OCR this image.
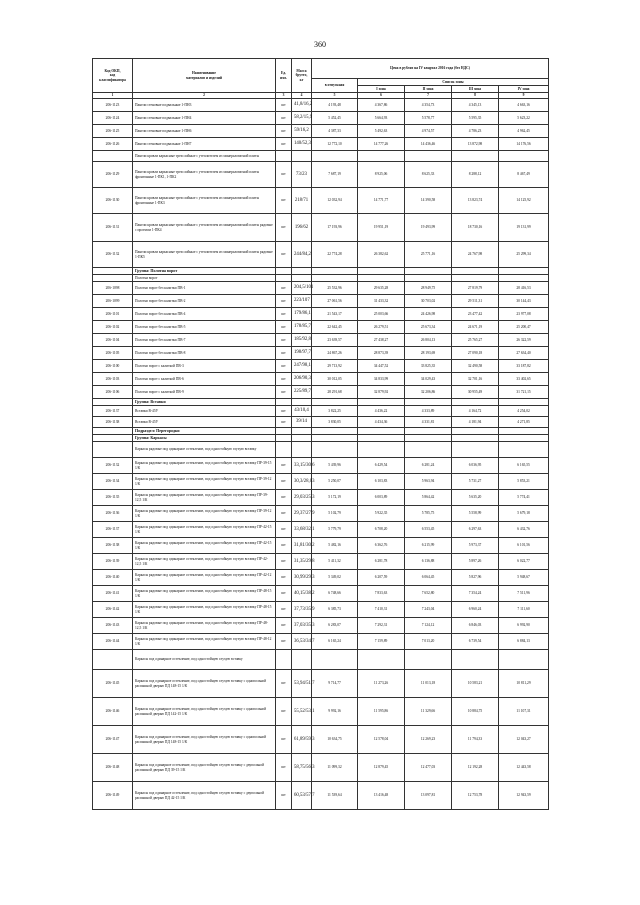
360
Код ОКП,
код
классификатора	Наименование
материалов и изделий	Ед.
изм.	Масса
брутто,
кг	Цена в рублях на IV квартал 2016 года (без НДС)				
				в отпускная	Список зоны			
					I зона	II зона	III зона	IV зона
1	2	3	4	5	6	7	8	9
206-1123	Панели стеновые подвальные 1-ПН3	шт	41,8/16,2	4 193,48	4 367,86	4 354,73	4 345,13	4 663,16
206-1124	Панели стеновые подвальные 1-ПН4	шт	58,2/15,9	5 452,45	5 664,93	5 578,77	5 595,35	5 623,22
206-1125	Панели стеновые подвальные 1-ПН6	шт	59/16,2	4 387,33	5 492,63	4 974,57	4 786,23	4 962,45
206-1126	Панели стеновые подвальные 1-ПН7	шт	140/52,3	12 772,10	14 777,26	14 436,46	13 872,98	14 176,56
	Панели кровли каркасные трехслойные с утеплителем из минераловатной плиты							
206-1129	Панели кровли каркасные трехслойные с утеплителем из минераловатной плиты фронтонные 1-ПК1, 1-ПК2	шт	73/23	7 687,19	8 925,06	8 625,33	8 288,12	8 467,49
206-1130	Панели кровли каркасные трехслойные с утеплителем из минераловатной плиты фронтонные 1-ПК3	шт	218/71	12 032,94	14 771,77	14 390,58	13 823,74	14 125,92
206-1131	Панели кровли каркасные трехслойные с утеплителем из минераловатной плиты рядовые с проемом 1-ПК4	шт	196/62	17 193,96	19 951,19	19 493,99	18 730,16	19 131,99
206-1132	Панели кровли каркасные трехслойные с утеплителем из минераловатной плиты рядовые 1-ПК5	шт	244/84,2	22 774,28	26 382,62	25 771,16	24 767,98	25 299,34
	Группа: Полотна ворот							
	Полотна ворот							
206-1098	Полотно ворот без калитки ПВ-1	шт	204,5/101	25 532,96	29 635,28	28 949,75	27 819,79	28 416,53
206-1099	Полотно ворот без калитки ПВ-2	шт	223/107	27 061,56	31 433,32	30 703,02	29 511,31	30 144,43
206-1101	Полотно ворот без калитки ПВ-4	шт	179/86,1	21 543,17	25 003,66	24 426,98	23 477,42	23 977,08
206-1102	Полотно ворот без калитки ПВ-5	шт	178/85,7	22 642,45	26 279,51	25 673,34	24 671,19	25 200,47
206-1104	Полотно ворот без калитки ПВ-7	шт	185/92,8	23 639,57	27 438,27	26 804,13	25 765,27	26 322,59
206-1105	Полотно ворот без калитки ПВ-8	шт	198/97,7	24 867,26	28 873,39	28 193,69	27 090,18	27 634,40
206-1100	Полотно ворот с калиткой ПВ-3	шт	247/98,1	29 713,92	34 447,52	33 825,35	32 490,58	33 187,82
206-1103	Полотно ворот с калиткой ПВ-6	шт	206/90,3	30 012,05	34 833,99	34 029,43	32 701,16	33 402,65
206-1106	Полотно ворот с калиткой ПВ-9	шт	225/89,7	28 291,68	32 879,92	32 206,86	30 955,49	31 721,15
	Группа: Вставки							
206-1137	Вставки В-45У	шт	43/10,4	3 822,25	4 436,22	4 333,89	4 164,72	4 254,02
206-1138	Вставки В-45У	шт	39/14	3 830,05	4 434,36	4 331,81	4 181,94	4 271,85
	Подраздел: Перегородки							
	Группа: Каркасы							
	Каркасы рядовые под одинарное остекление, под одностойную глухую вставку							
206-1132	Каркасы рядовые под одинарное остекление, под одностойную глухую вставку ПР-39-15 1/К	шт	33,15/30,6	5 439,96	6 429,54	6 281,24	6 036,95	6 165,55
206-1134	Каркасы рядовые под одинарное остекление, под одностойную глухую вставку ПР-39-12 1/К	шт	30,3/28,03	5 250,07	6 103,83	5 963,94	5 731,27	5 853,21
206-1135	Каркасы рядовые под одинарное остекление, под одностойную глухую вставку ПР-39-12,5 1/К	шт	29,03/25,3	5 172,19	6 003,89	5 864,42	5 635,20	5 774,41
206-1136	Каркасы рядовые под одинарное остекление, под одностойную глухую вставку ПР-39-12 1/К	шт	29,37/27,9	5 102,79	5 922,35	5 785,75	5 558,99	5 679,18
206-1137	Каркасы рядовые под одинарное остекление, под одностойную глухую вставку ПР-42-15 1/К	шт	33,68/32,1	5 779,79	6 708,20	6 553,45	6 297,63	6 432,76
206-1138	Каркасы рядовые под одинарное остекление, под одностойную глухую вставку ПР-42-15 1/К	шт	31,81/30,2	5 482,16	6 362,76	6 215,99	5 973,37	6 101,56
206-1139	Каркасы рядовые под одинарное остекление, под одностойную глухую вставку ПР-42-12,5 1/К	шт	31,35/29,8	5 411,32	6 281,78	6 136,88	5 897,26	6 022,77
206-1140	Каркасы рядовые под одинарное остекление, под одностойную глухую вставку ПР-42-12 1/К	шт	30,99/29,3	5 349,02	6 207,59	6 064,45	5 827,96	5 948,67
206-1141	Каркасы рядовые под одинарное остекление, под одностойную глухую вставку ПР-48-15 1/К	шт	40,15/38,2	6 748,66	7 833,63	7 652,80	7 354,24	7 511,96
206-1142	Каркасы рядовые под одинарное остекление, под одностойную глухую вставку ПР-48-15 1/К	шт	37,73/35,9	6 385,73	7 410,31	7 243,04	6 960,24	7 111,60
206-1143	Каркасы рядовые под одинарное остекление, под одностойную глухую вставку ПР-48-12,5 1/К	шт	37,03/35,3	6 283,07	7 292,31	7 124,12	6 846,03	6 992,90
206-1144	Каркасы рядовые под одинарное остекление, под одностойную глухую вставку ПР-48-12 1/К	шт	36,53/34,7	6 165,24	7 159,89	7 013,20	6 739,54	6 884,13
	Каркасы под одинарное остекление, под одностойную глухую вставку							
206-1145	Каркасы под одинарное остекление, под одностойную глухую вставку с однопольной распашной дверью ПД 148-15 1/К	шт	53,94/51,7	9 714,77	11 273,26	11 013,18	10 583,21	10 811,29
206-1146	Каркасы под одинарное остекление, под одностойную глухую вставку с однопольной распашной дверью ПД 142-15 1/К	шт	55,52/53,1	9 992,16	11 595,86	11 329,66	10 884,75	11 107,31
206-1147	Каркасы под одинарное остекление, под одностойную глухую вставку с однопольной распашной дверью ПД 148-15 1/К	шт	61,89/59,3	10 634,75	12 578,04	12 269,23	11 794,33	12 043,27
206-1148	Каркасы под одинарное остекление, под одностойную глухую вставку с двупольной распашной дверью ПД 39-15 1/К	шт	58,75/56,3	11 099,32	12 879,45	12 477,03	12 192,28	12 443,58
206-1149	Каркасы под одинарное остекление, под одностойную глухую вставку с двупольной распашной дверью ПД 42-15 1/К	шт	60,53/57,7	11 539,64	13 416,48	13 097,81	12 753,78	12 943,59
